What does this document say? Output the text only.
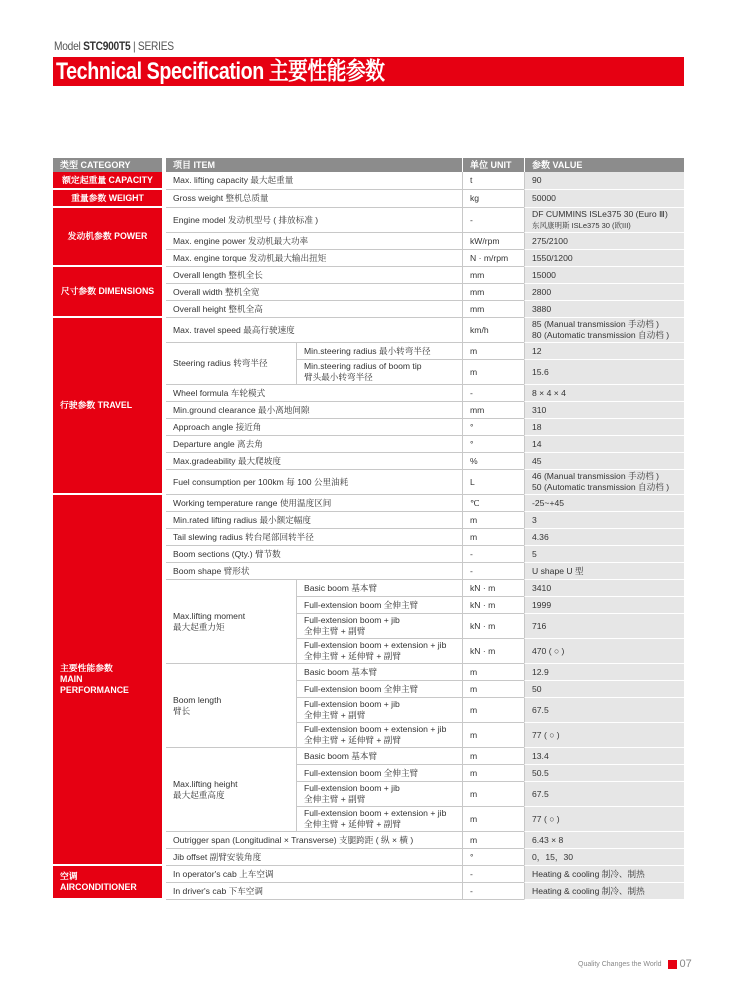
Model STC900T5 | SERIES
Technical Specification 主要性能参数
类型 CATEGORY	项目 ITEM		单位 UNIT	参数 VALUE
额定起重量 CAPACITY	Max. lifting capacity 最大起重量		t	90
重量参数 WEIGHT	Gross weight 整机总质量		kg	50000
发动机参数 POWER	Engine model 发动机型号 ( 排放标准 )		-	DF CUMMINS ISLe375 30 (Euro Ⅲ)
东风康明斯 ISLe375 30 (欧III)

	Max. engine power 发动机最大功率		kW/rpm	275/2100
	Max. engine torque 发动机最大输出扭矩		N · m/rpm	1550/1200
尺寸参数 DIMENSIONS	Overall length 整机全长		mm	15000
	Overall width 整机全宽		mm	2800
	Overall height 整机全高		mm	3880
行驶参数 TRAVEL	Max. travel speed 最高行驶速度		km/h	85 (Manual transmission 手动档 )
80 (Automatic transmission 自动档 )

	Steering radius 转弯半径	Min.steering radius 最小转弯半径	m	12

		Min.steering radius of boom tip
臂头最小转弯半径	m	15.6
	Wheel formula 车轮模式		-	8 × 4 × 4
	Min.ground clearance 最小离地间隙		mm	310
	Approach angle 接近角		°	18
	Departure angle 离去角		°	14
	Max.gradeability 最大爬坡度		%	45
	Fuel consumption per 100km 每 100 公里油耗		L	46 (Manual transmission 手动档 )
50 (Automatic transmission 自动档 )

主要性能参数
MAIN
PERFORMANCE	Working temperature range 使用温度区间		℃	-25~+45
	Min.rated lifting radius 最小额定幅度		m	3
	Tail slewing radius 转台尾部回转半径		m	4.36
	Boom sections (Qty.) 臂节数		-	5
	Boom shape 臂形状		-	U shape U 型

	Max.lifting moment
最大起重力矩	Basic boom 基本臂	kN · m	3410
		Full-extension boom 全伸主臂	kN · m	1999

		Full-extension boom + jib
全伸主臂 + 副臂	kN · m	716

		Full-extension boom + extension + jib
全伸主臂 + 延伸臂 + 副臂	kN · m	470 ( ○ )

	Boom length
臂长	Basic boom 基本臂	m	12.9
		Full-extension boom 全伸主臂	m	50

		Full-extension boom + jib
全伸主臂 + 副臂	m	67.5

		Full-extension boom + extension + jib
全伸主臂 + 延伸臂 + 副臂	m	77 ( ○ )

	Max.lifting height
最大起重高度	Basic boom 基本臂	m	13.4
		Full-extension boom 全伸主臂	m	50.5

		Full-extension boom + jib
全伸主臂 + 副臂	m	67.5

		Full-extension boom + extension + jib
全伸主臂 + 延伸臂 + 副臂	m	77 ( ○ )
	Outrigger span (Longitudinal × Transverse) 支腿跨距 ( 纵 × 横 )		m	6.43 × 8
	Jib offset 副臂安装角度		°	0，15，30

空调
AIRCONDITIONER	In operator's cab 上车空调		-	Heating & cooling 制冷、制热
	In driver's cab 下车空调		-	Heating & cooling 制冷、制热
Quality Changes the World 07
